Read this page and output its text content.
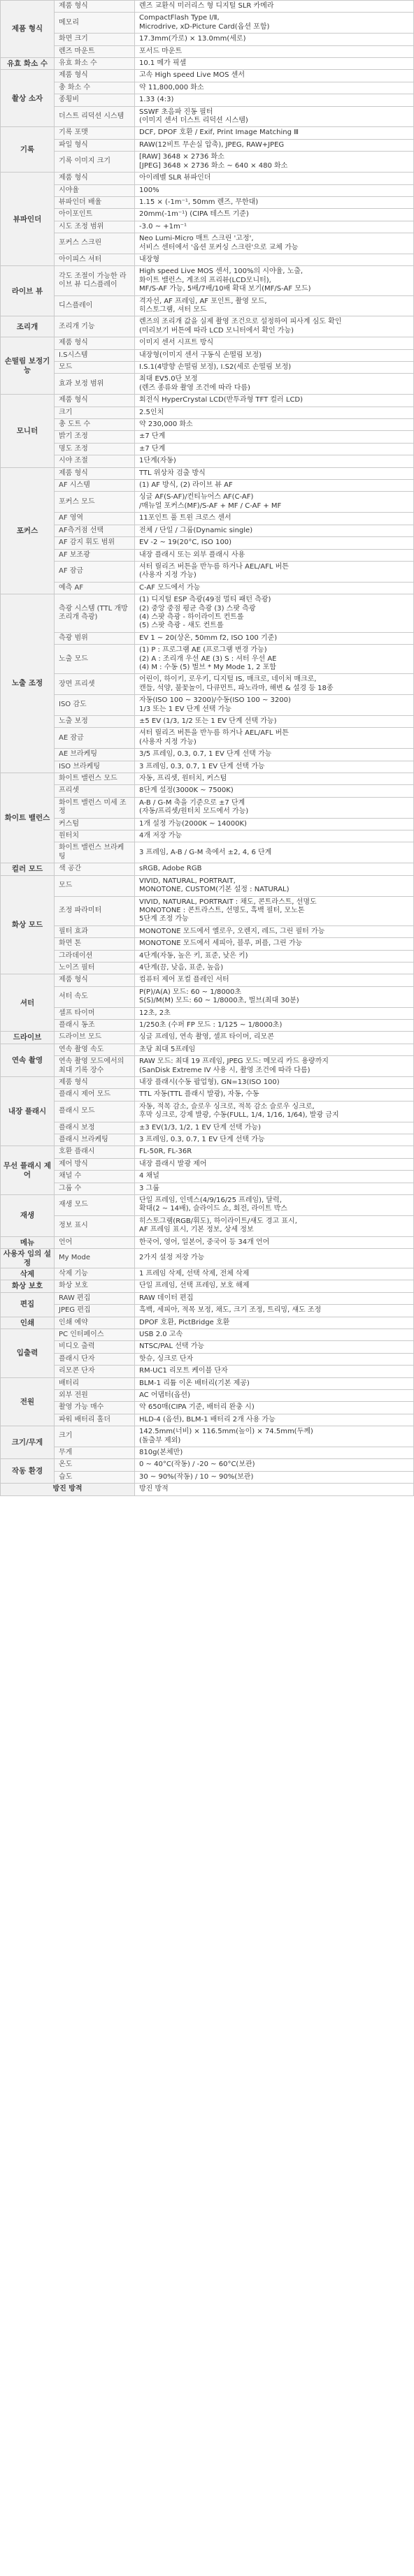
제품 형식	제품 형식	렌즈 교환식 미러리스 형 디지털 SLR 카메라
	메모리	CompactFlash Type Ⅰ/Ⅱ,
Microdrive, xD-Picture Card(옵션 포함)
	화면 크기	17.3mm(가로) × 13.0mm(세로)
	렌즈 마운트	포서드 마운트
유효 화소 수	유효 화소 수	10.1 메가 픽셀
촬상 소자	제품 형식	고속 High speed Live MOS 센서
	총 화소 수	약 11,800,000 화소
	종횡비	1.33 (4:3)
	더스트 리덕션 시스템	SSWF 초음파 진동 필터
(이미지 센서 더스트 리덕션 시스템)
기록	기록 포맷	DCF, DPOF 호환 / Exif, Print Image Matching Ⅲ
	파일 형식	RAW(12비트 무손실 압축), JPEG, RAW+JPEG
	기록 이미지 크기	[RAW] 3648 × 2736 화소
[JPEG] 3648 × 2736 화소 ~ 640 × 480 화소
뷰파인더	제품 형식	아이레벨 SLR 뷰파인더
	시야율	100%
	뷰파인더 배율	1.15 × (-1m⁻¹, 50mm 렌즈, 무한대)
	아이포인트	20mm(-1m⁻¹) (CIPA 테스트 기준)
	시도 조정 범위	-3.0 ~ +1m⁻¹
	포커스 스크린	Neo Lumi-Micro 매트 스크린 '고정',
서비스 센터에서 '옵션 포커싱 스크린'으로 교체 가능
	아이피스 셔터	내장형
라이브 뷰	각도 조절이 가능한 라이브 뷰 디스플레이	High speed Live MOS 센서, 100%의 시야율, 노출,
화이트 밸런스, 계조의 프리뷰(LCD모니터),
MF/S-AF 가능, 5배/7배/10배 확대 보기(MF/S-AF 모드)
	디스플레이	격자선, AF 프레임, AF 포인트, 촬영 모드,
히스토그램, 셔터 모드
조리개	조리개 기능	렌즈의 조리개 값을 실제 촬영 조건으로 설정하여 피사계 심도 확인
(미리보기 버튼에 따라 LCD 모니터에서 확인 가능)
손떨림 보정기능	제품 형식	이미지 센서 시프트 방식
	I.S시스템	내장형(이미지 센서 구동식 손떨림 보정)
	모드	I.S.1(4방향 손떨림 보정), I.S2(세로 손떨림 보정)
	효과 보정 범위	최대 EV5.0단 보정
(렌즈 종류와 촬영 조건에 따라 다름)
모니터	제품 형식	회전식 HyperCrystal LCD(반투과형 TFT 컬러 LCD)
	크기	2.5인치
	총 도트 수	약 230,000 화소
	밝기 조정	±7 단계
	명도 조정	±7 단계
	시야 조절	1단계(자동)
포커스	제품 형식	TTL 위상차 검출 방식
	AF 시스템	(1) AF 방식, (2) 라이브 뷰 AF
	포커스 모드	싱글 AF(S-AF)/컨티뉴어스 AF(C-AF)
/매뉴얼 포커스(MF)/S-AF + MF / C-AF + MF
	AF 영역	11포인트 풀 트윈 크로스 센서
	AF측거점 선택	전체 / 단일 / 그룹(Dynamic single)
	AF 감지 휘도 범위	EV -2 ~ 19(20°C, ISO 100)
	AF 보조광	내장 플래시 또는 외부 플래시 사용
	AF 잠금	셔터 릴리즈 버튼을 반누름 하거나 AEL/AFL 버튼
(사용자 지정 가능)
	예측 AF	C-AF 모드에서 가능
노출 조정	측광 시스템 (TTL 개방 조리개 측광)	(1) 디지털 ESP 측광(49점 멀티 패턴 측광)
(2) 중앙 중점 평균 측광 (3) 스팟 측광
(4) 스팟 측광 - 하이라이트 컨트롤
(5) 스팟 측광 - 섀도 컨트롤
	측광 범위	EV 1 ~ 20(상온, 50mm f2, ISO 100 기준)
	노출 모드	(1) P : 프로그램 AE (프로그램 변경 가능)
(2) A : 조리개 우선 AE (3) S : 셔터 우선 AE
(4) M : 수동 (5) 벌브 * My Mode 1, 2 포함
	장면 프리셋	어린이, 하이키, 로우키, 디지털 IS, 매크로, 네이처 매크로,
캔들, 석양, 불꽃놀이, 다큐먼트, 파노라마, 해변 & 설경 등 18종
	ISO 감도	자동(ISO 100 ~ 3200)/수동(ISO 100 ~ 3200)
1/3 또는 1 EV 단계 선택 가능
	노출 보정	±5 EV (1/3, 1/2 또는 1 EV 단계 선택 가능)
	AE 잠금	셔터 릴리즈 버튼을 반누름 하거나 AEL/AFL 버튼
(사용자 지정 가능)
	AE 브라케팅	3/5 프레임, 0.3, 0.7, 1 EV 단계 선택 가능
	ISO 브라케팅	3 프레임, 0.3, 0.7, 1 EV 단계 선택 가능
화이트 밸런스	화이트 밸런스 모드	자동, 프리셋, 원터치, 커스텀
	프리셋	8단계 설정(3000K ~ 7500K)
	화이트 밸런스 미세 조정	A-B / G-M 축을 기준으로 ±7 단계
(자동/프리셋/원터치 모드에서 가능)
	커스텀	1개 설정 가능(2000K ~ 14000K)
	원터치	4개 저장 가능
	화이트 밸런스 브라케팅	3 프레임, A-B / G-M 축에서 ±2, 4, 6 단계
컬러 모드	색 공간	sRGB, Adobe RGB
화상 모드	모드	VIVID, NATURAL, PORTRAIT,
MONOTONE, CUSTOM(기본 설정 : NATURAL)
	조정 파라미터	VIVID, NATURAL, PORTRAIT : 채도, 콘트라스트, 선명도
MONOTONE : 콘트라스트, 선명도, 흑백 필터, 모노톤
5단계 조정 가능
	필터 효과	MONOTONE 모드에서 옐로우, 오렌지, 레드, 그린 필터 가능
	화면 톤	MONOTONE 모드에서 세피아, 블루, 퍼플, 그린 가능
	그라데이션	4단계(자동, 높은 키, 표준, 낮은 키)
	노이즈 필터	4단계(끔, 낮음, 표준, 높음)
셔터	제품 형식	컴퓨터 제어 포컬 플레인 셔터
	셔터 속도	P(P)/A(A) 모드: 60 ~ 1/8000초
S(S)/M(M) 모드: 60 ~ 1/8000초, 벌브(최대 30분)
	셀프 타이머	12초, 2초
	플래시 동조	1/250초 (수퍼 FP 모드 : 1/125 ~ 1/8000초)
드라이브	드라이브 모드	싱글 프레임, 연속 촬영, 셀프 타이머, 리모콘
연속 촬영	연속 촬영 속도	초당 최대 5프레임
	연속 촬영 모드에서의 최대 기록 장수	RAW 모드: 최대 19 프레임, JPEG 모드: 메모리 카드 용량까지
(SanDisk Extreme IV 사용 시, 촬영 조건에 따라 다름)
내장 플래시	제품 형식	내장 플래시(수동 팝업형), GN=13(ISO 100)
	플래시 제어 모드	TTL 자동(TTL 플래시 발광), 자동, 수동
	플래시 모드	자동, 적목 감소, 슬로우 싱크로, 적목 감소 슬로우 싱크로,
후막 싱크로, 강제 발광, 수동(FULL, 1/4, 1/16, 1/64), 발광 금지
	플래시 보정	±3 EV(1/3, 1/2, 1 EV 단계 선택 가능)
	플래시 브라케팅	3 프레임, 0.3, 0.7, 1 EV 단계 선택 가능
무선 플래시 제어	호환 플래시	FL-50R, FL-36R
	제어 방식	내장 플래시 발광 제어
	채널 수	4 채널
	그룹 수	3 그룹
재생	재생 모드	단일 프레임, 인덱스(4/9/16/25 프레임), 달력,
확대(2 ~ 14배), 슬라이드 쇼, 회전, 라이트 박스
	정보 표시	히스토그램(RGB/휘도), 하이라이트/섀도 경고 표시,
AF 프레임 표시, 기본 정보, 상세 정보
메뉴	언어	한국어, 영어, 일본어, 중국어 등 34개 언어
사용자 임의 설정	My Mode	2가지 설정 저장 가능
삭제	삭제 기능	1 프레임 삭제, 선택 삭제, 전체 삭제
화상 보호	화상 보호	단일 프레임, 선택 프레임, 보호 해제
편집	RAW 편집	RAW 데이터 편집
	JPEG 편집	흑백, 세피아, 적목 보정, 채도, 크기 조정, 트리밍, 섀도 조정
인쇄	인쇄 예약	DPOF 호환, PictBridge 호환
입출력	PC 인터페이스	USB 2.0 고속
	비디오 출력	NTSC/PAL 선택 가능
	플래시 단자	핫슈, 싱크로 단자
	리모콘 단자	RM-UC1 리모트 케이블 단자
전원	배터리	BLM-1 리튬 이온 배터리(기본 제공)
	외부 전원	AC 어댑터(옵션)
	촬영 가능 매수	약 650매(CIPA 기준, 배터리 완충 시)
	파워 배터리 홀더	HLD-4 (옵션), BLM-1 배터리 2개 사용 가능
크기/무게	크기	142.5mm(너비) × 116.5mm(높이) × 74.5mm(두께)
(돌출부 제외)
	무게	810g(본체만)
작동 환경	온도	0 ~ 40°C(작동) / -20 ~ 60°C(보관)
	습도	30 ~ 90%(작동) / 10 ~ 90%(보관)
방진 방적		방진 방적
